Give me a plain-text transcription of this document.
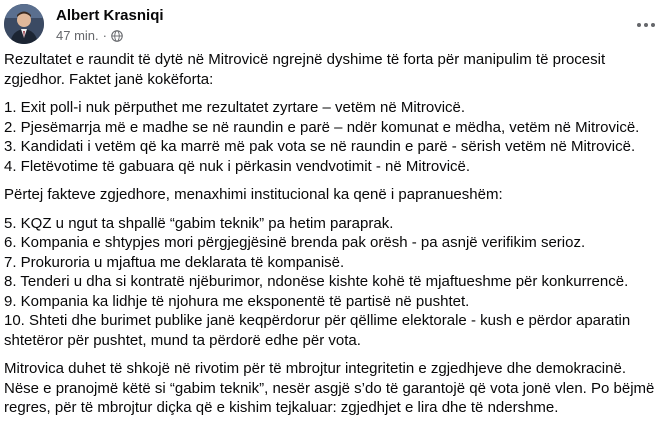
Albert Krasniqi
47 min. ·

Rezultatet e raundit të dytë në Mitrovicë ngrejnë dyshime të forta për manipulim të procesit

zgjedhor. Faktet janë kokëforta:

1. Exit poll-i nuk përputhet me rezultatet zyrtare – vetëm në Mitrovicë.

2. Pjesëmarrja më e madhe se në raundin e parë – ndër komunat e mëdha, vetëm në Mitrovicë.

3. Kandidati i vetëm që ka marrë më pak vota se në raundin e parë - sërish vetëm në Mitrovicë.

4. Fletëvotime të gabuara që nuk i përkasin vendvotimit - në Mitrovicë.

Përtej fakteve zgjedhore, menaxhimi institucional ka qenë i papranueshëm:

5. KQZ u ngut ta shpallë “gabim teknik” pa hetim paraprak.

6. Kompania e shtypjes mori përgjegjësinë brenda pak orësh - pa asnjë verifikim serioz.

7. Prokuroria u mjaftua me deklarata të kompanisë.

8. Tenderi u dha si kontratë njëburimor, ndonëse kishte kohë të mjaftueshme për konkurrencë.

9. Kompania ka lidhje të njohura me eksponentë të partisë në pushtet.

10. Shteti dhe burimet publike janë keqpërdorur për qëllime elektorale - kush e përdor aparatin

shtetëror për pushtet, mund ta përdorë edhe për vota.

Mitrovica duhet të shkojë në rivotim për të mbrojtur integritetin e zgjedhjeve dhe demokracinë.

Nëse e pranojmë këtë si “gabim teknik”, nesër asgjë s’do të garantojë që vota jonë vlen. Po bëjmë

regres, për të mbrojtur diçka që e kishim tejkaluar: zgjedhjet e lira dhe të ndershme.
